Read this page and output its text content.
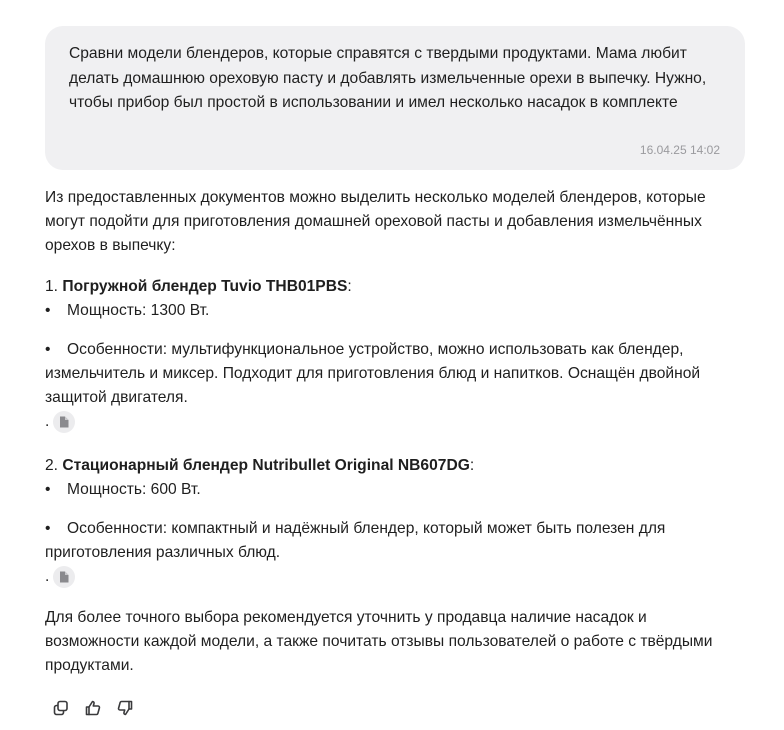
Сравни модели блендеров, которые справятся с твердыми продуктами. Мама любит делать домашнюю ореховую пасту и добавлять измельченные орехи в выпечку. Нужно, чтобы прибор был простой в использовании и имел несколько насадок в комплекте
16.04.25 14:02

Из предоставленных документов можно выделить несколько моделей блендеров, которые могут подойти для приготовления домашней ореховой пасты и добавления измельчённых орехов в выпечку:

1. Погружной блендер Tuvio THB01PBS:

• Мощность: 1300 Вт.

• Особенности: мультифункциональное устройство, можно использовать как блендер, измельчитель и миксер. Подходит для приготовления блюд и напитков. Оснащён двойной защитой двигателя.

.

2. Стационарный блендер Nutribullet Original NB607DG:

• Мощность: 600 Вт.

• Особенности: компактный и надёжный блендер, который может быть полезен для приготовления различных блюд.

.

Для более точного выбора рекомендуется уточнить у продавца наличие насадок и возможности каждой модели, а также почитать отзывы пользователей о работе с твёрдыми продуктами.
